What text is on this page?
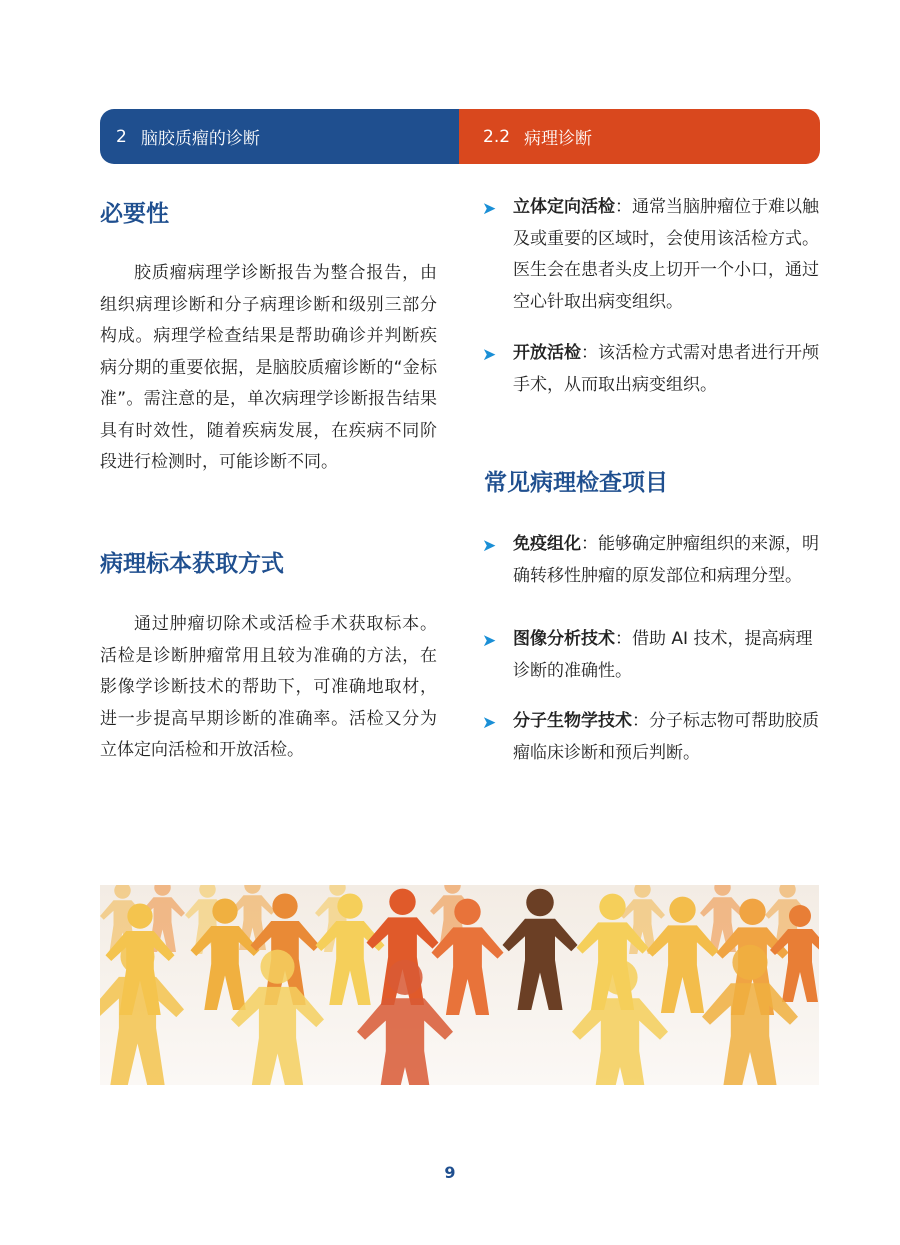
2 脑胶质瘤的诊断	2.2 病理诊断
必要性

胶质瘤病理学诊断报告为整合报告，由组织病理诊断和分子病理诊断和级别三部分构成。病理学检查结果是帮助确诊并判断疾病分期的重要依据，是脑胶质瘤诊断的“金标准”。需注意的是，单次病理学诊断报告结果具有时效性，随着疾病发展，在疾病不同阶段进行检测时，可能诊断不同。

病理标本获取方式

通过肿瘤切除术或活检手术获取标本。活检是诊断肿瘤常用且较为准确的方法，在影像学诊断技术的帮助下，可准确地取材，进一步提高早期诊断的准确率。活检又分为立体定向活检和开放活检。

➤ 立体定向活检：通常当脑肿瘤位于难以触及或重要的区域时，会使用该活检方式。医生会在患者头皮上切开一个小口，通过空心针取出病变组织。
➤ 开放活检：该活检方式需对患者进行开颅手术，从而取出病变组织。
常见病理检查项目
➤ 免疫组化：能够确定肿瘤组织的来源，明确转移性肿瘤的原发部位和病理分型。
➤ 图像分析技术：借助 AI 技术，提高病理诊断的准确性。
➤ 分子生物学技术：分子标志物可帮助胶质瘤临床诊断和预后判断。
9
